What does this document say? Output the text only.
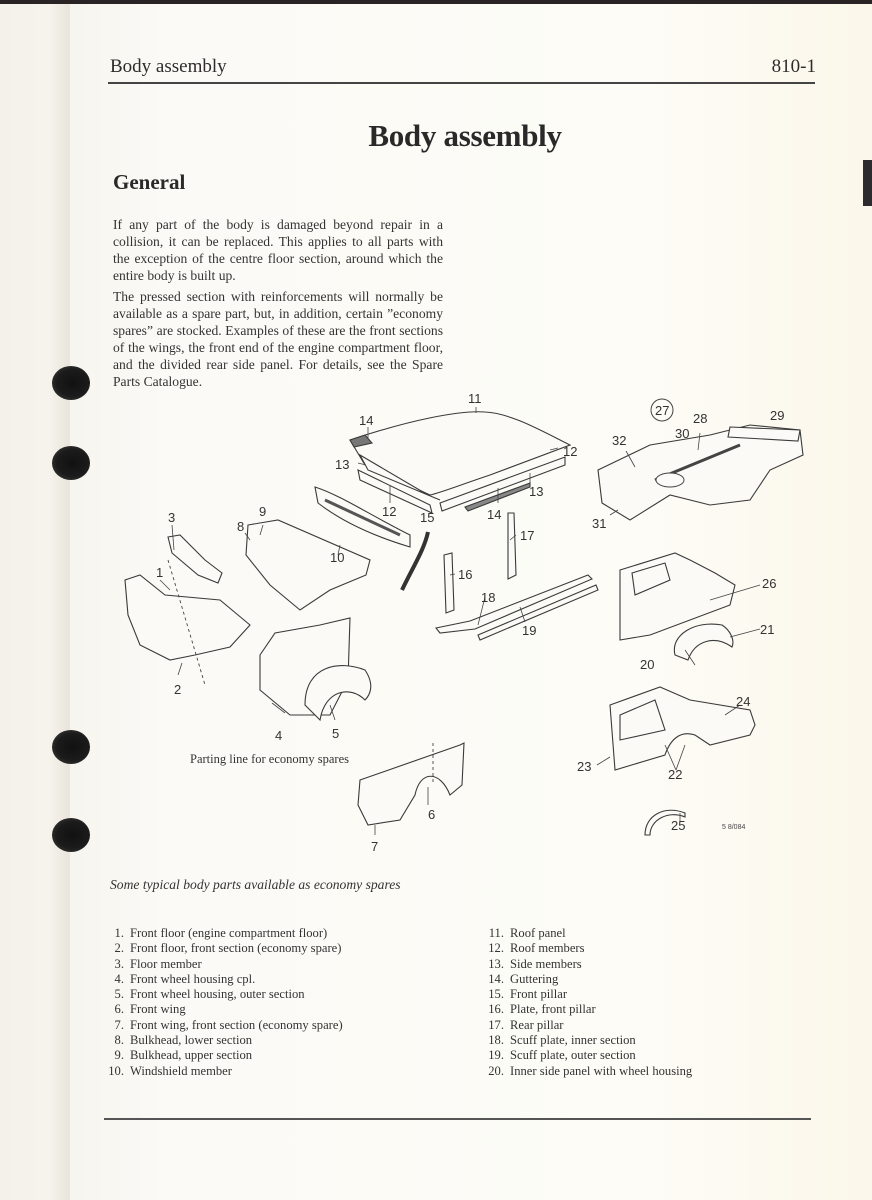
Body assembly	810-1
Body assembly
General

If any part of the body is damaged beyond repair in a collision, it can be replaced. This applies to all parts with the exception of the centre floor section, around which the entire body is built up.

The pressed section with reinforcements will normally be available as a spare part, but, in addition, certain ”economy spares” are stocked. Examples of these are the front sections of the wings, the front end of the engine compartment floor, and the divided rear side panel. For details, see the Spare Parts Catalogue.

1
2
3
4	5
6
7
8
9
10
11
12
12
13
13
14
14
15
16
17
18
19
20
21
22
23
24
25
26
27
28	29
30
31
32
Parting line for economy spares
5 8/084
Some typical body parts available as economy spares
1. Front floor (engine compartment floor)
2. Front floor, front section (economy spare)
3. Floor member
4. Front wheel housing cpl.
5. Front wheel housing, outer section
6. Front wing
7. Front wing, front section (economy spare)
8. Bulkhead, lower section
9. Bulkhead, upper section
10. Windshield member
11. Roof panel
12. Roof members
13. Side members
14. Guttering
15. Front pillar
16. Plate, front pillar
17. Rear pillar
18. Scuff plate, inner section
19. Scuff plate, outer section
20. Inner side panel with wheel housing
